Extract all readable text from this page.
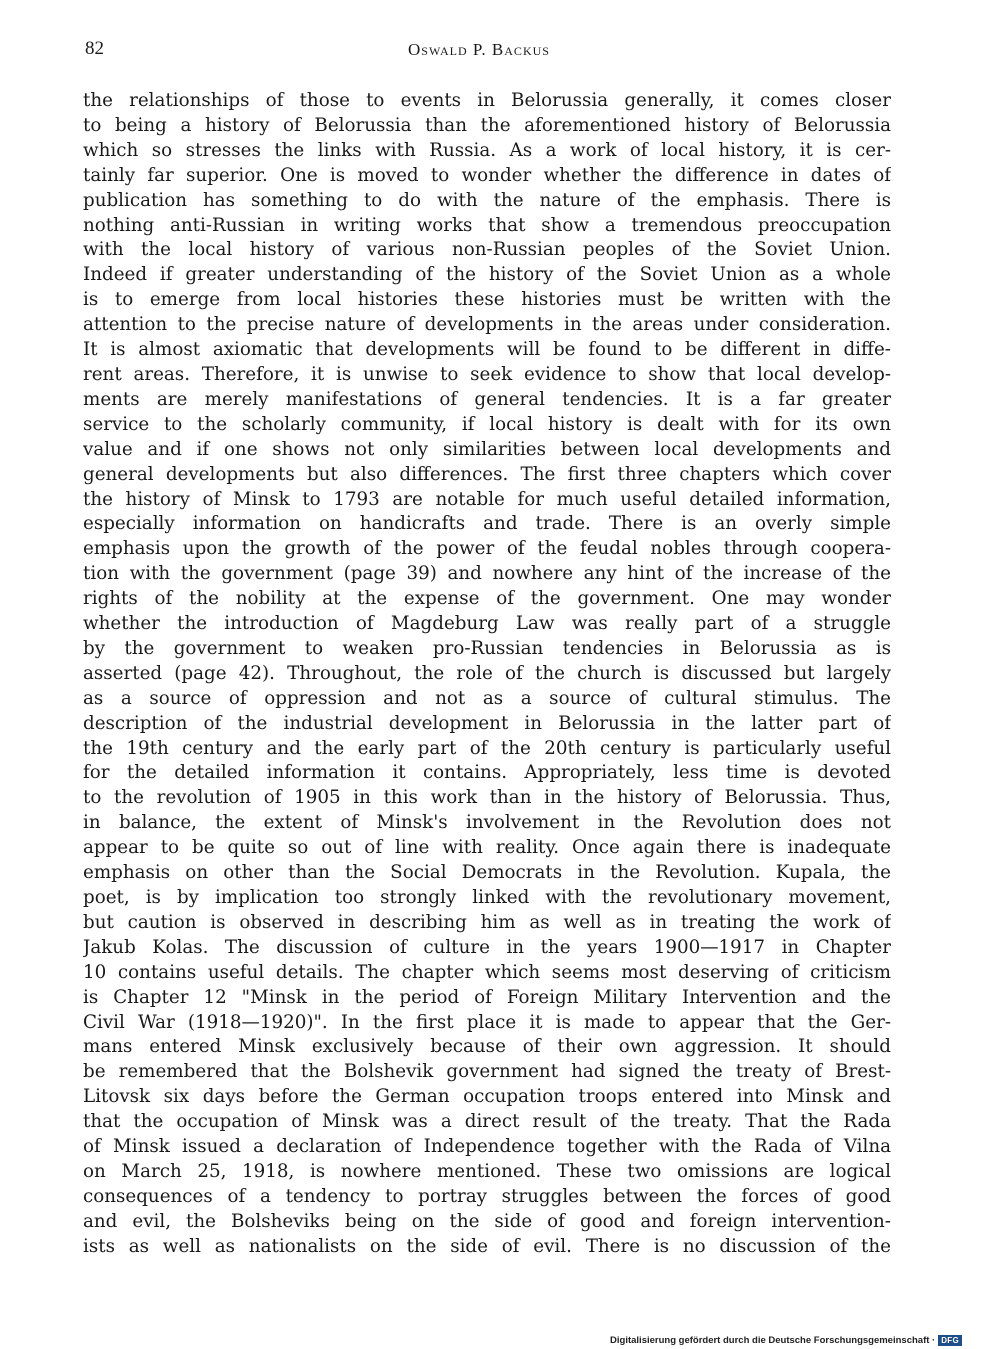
82	Oswald P. Backus
the relationships of those to events in Belorussia generally, it comes closer
to being a history of Belorussia than the aforementioned history of Belorussia
which so stresses the links with Russia. As a work of local history, it is cer-
tainly far superior. One is moved to wonder whether the difference in dates of
publication has something to do with the nature of the emphasis. There is
nothing anti-Russian in writing works that show a tremendous preoccupation
with the local history of various non-Russian peoples of the Soviet Union.
Indeed if greater understanding of the history of the Soviet Union as a whole
is to emerge from local histories these histories must be written with the
attention to the precise nature of developments in the areas under consideration.
It is almost axiomatic that developments will be found to be different in diffe-
rent areas. Therefore, it is unwise to seek evidence to show that local develop-
ments are merely manifestations of general tendencies. It is a far greater
service to the scholarly community, if local history is dealt with for its own
value and if one shows not only similarities between local developments and
general developments but also differences. The first three chapters which cover
the history of Minsk to 1793 are notable for much useful detailed information,
especially information on handicrafts and trade. There is an overly simple
emphasis upon the growth of the power of the feudal nobles through coopera-
tion with the government (page 39) and nowhere any hint of the increase of the
rights of the nobility at the expense of the government. One may wonder
whether the introduction of Magdeburg Law was really part of a struggle
by the government to weaken pro-Russian tendencies in Belorussia as is
asserted (page 42). Throughout, the role of the church is discussed but largely
as a source of oppression and not as a source of cultural stimulus. The
description of the industrial development in Belorussia in the latter part of
the 19th century and the early part of the 20th century is particularly useful
for the detailed information it contains. Appropriately, less time is devoted
to the revolution of 1905 in this work than in the history of Belorussia. Thus,
in balance, the extent of Minsk's involvement in the Revolution does not
appear to be quite so out of line with reality. Once again there is inadequate
emphasis on other than the Social Democrats in the Revolution. Kupala, the
poet, is by implication too strongly linked with the revolutionary movement,
but caution is observed in describing him as well as in treating the work of
Jakub Kolas. The discussion of culture in the years 1900—1917 in Chapter
10 contains useful details. The chapter which seems most deserving of criticism
is Chapter 12 "Minsk in the period of Foreign Military Intervention and the
Civil War (1918—1920)". In the first place it is made to appear that the Ger-
mans entered Minsk exclusively because of their own aggression. It should
be remembered that the Bolshevik government had signed the treaty of Brest-
Litovsk six days before the German occupation troops entered into Minsk and
that the occupation of Minsk was a direct result of the treaty. That the Rada
of Minsk issued a declaration of Independence together with the Rada of Vilna
on March 25, 1918, is nowhere mentioned. These two omissions are logical
consequences of a tendency to portray struggles between the forces of good
and evil, the Bolsheviks being on the side of good and foreign intervention-
ists as well as nationalists on the side of evil. There is no discussion of the
Digitalisierung gefördert durch die Deutsche Forschungsgemeinschaft · DFG
